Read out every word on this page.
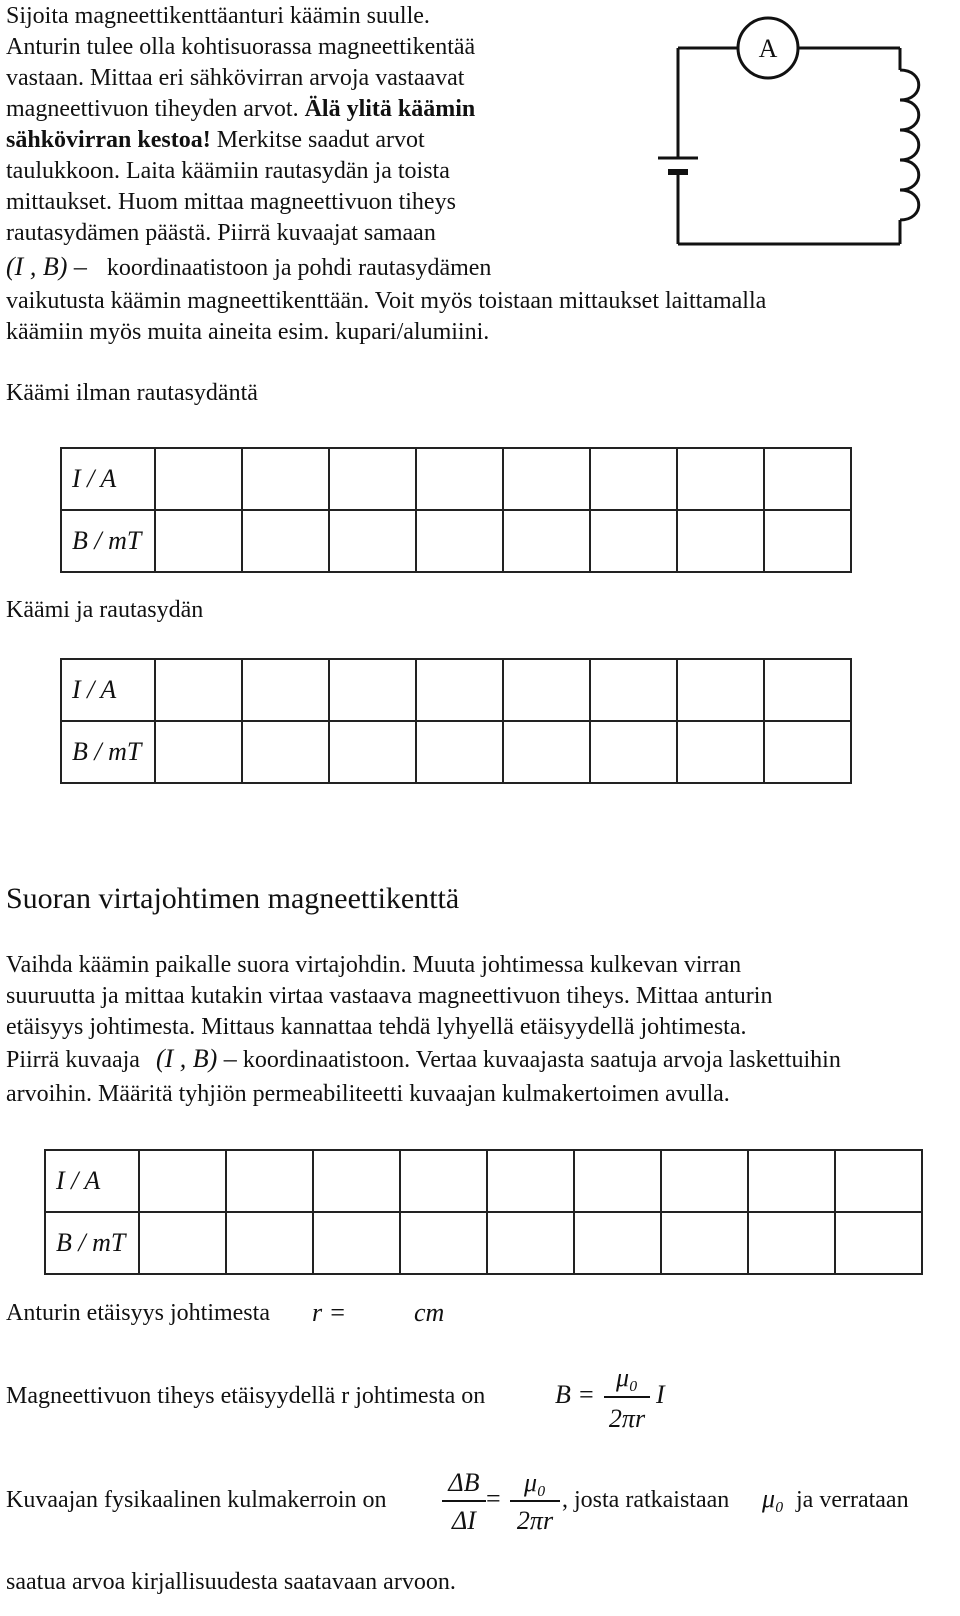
Sijoita magneettikenttäanturi käämin suulle.
Anturin tulee olla kohtisuorassa magneettikentää
vastaan. Mittaa eri sähkövirran arvoja vastaavat
magneettivuon tiheyden arvot. Älä ylitä käämin
sähkövirran kestoa! Merkitse saadut arvot
taulukkoon. Laita käämiin rautasydän ja toista
mittaukset. Huom mittaa magneettivuon tiheys
rautasydämen päästä. Piirrä kuvaajat samaan
(I , B) – koordinaatistoon ja pohdi rautasydämen
vaikutusta käämin magneettikenttään. Voit myös toistaan mittaukset laittamalla
käämiin myös muita aineita esim. kupari/alumiini.
A
Käämi ilman rautasydäntä
I / A								
B / mT								
Käämi ja rautasydän
I / A								
B / mT								
Suoran virtajohtimen magneettikenttä
Vaihda käämin paikalle suora virtajohdin. Muuta johtimessa kulkevan virran
suuruutta ja mittaa kutakin virtaa vastaava magneettivuon tiheys. Mittaa anturin
etäisyys johtimesta. Mittaus kannattaa tehdä lyhyellä etäisyydellä johtimesta.
Piirrä kuvaaja (I , B) – koordinaatistoon. Vertaa kuvaajasta saatuja arvoja laskettuihin
arvoihin. Määritä tyhjiön permeabiliteetti kuvaajan kulmakertoimen avulla.
I / A									
B / mT									
Anturin etäisyys johtimesta r =	cm
Magneettivuon tiheys etäisyydellä r johtimesta on	B =
μ₀
2πr
I
Kuvaajan fysikaalinen kulmakerroin on
ΔB
ΔI
=
μ₀
2πr
, josta ratkaistaan μ₀ ja verrataan
saatua arvoa kirjallisuudesta saatavaan arvoon.
